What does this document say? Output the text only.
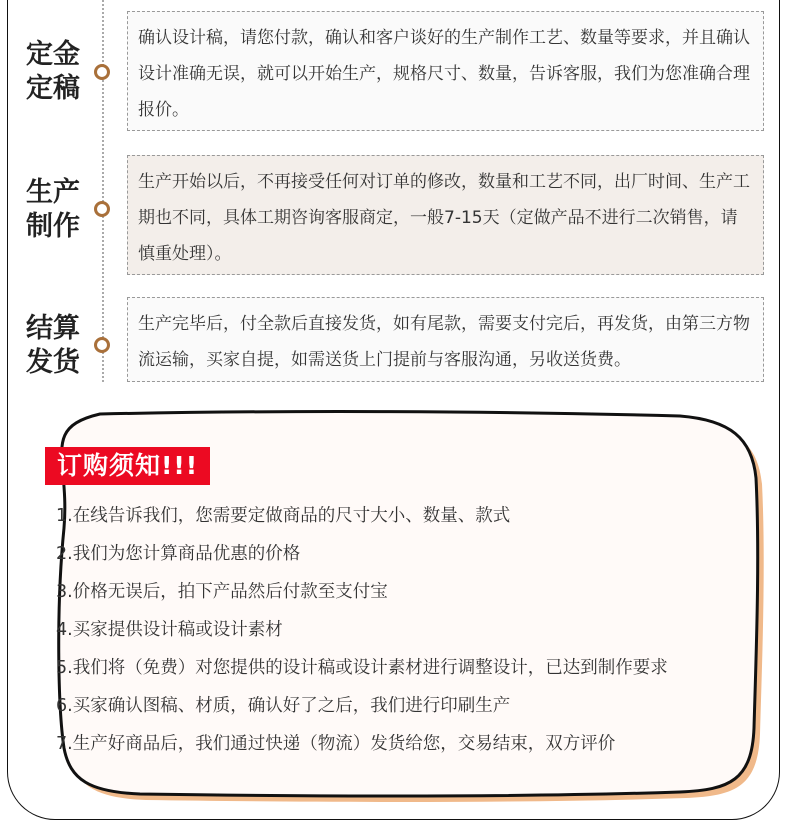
定金
定稿
确认设计稿，请您付款，确认和客户谈好的生产制作工艺、数量等要求，并且确认设计准确无误，就可以开始生产，规格尺寸、数量，告诉客服，我们为您准确合理报价。
生产
制作
生产开始以后，不再接受任何对订单的修改，数量和工艺不同，出厂时间、生产工期也不同，具体工期咨询客服商定，一般7-15天（定做产品不进行二次销售，请慎重处理）。
结算
发货
生产完毕后，付全款后直接发货，如有尾款，需要支付完后，再发货，由第三方物流运输，买家自提，如需送货上门提前与客服沟通，另收送货费。
订购须知!!!
1.在线告诉我们，您需要定做商品的尺寸大小、数量、款式
2.我们为您计算商品优惠的价格
3.价格无误后，拍下产品然后付款至支付宝
4.买家提供设计稿或设计素材
5.我们将（免费）对您提供的设计稿或设计素材进行调整设计，已达到制作要求
6.买家确认图稿、材质，确认好了之后，我们进行印刷生产
7.生产好商品后，我们通过快递（物流）发货给您，交易结束，双方评价
